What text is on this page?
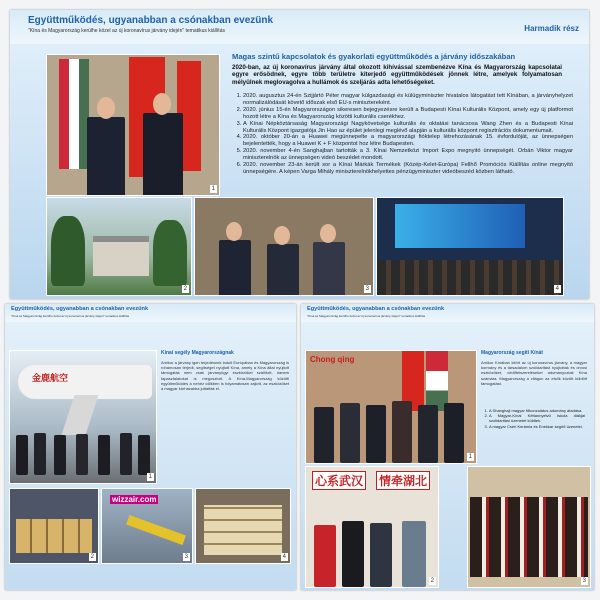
Együttműködés, ugyanabban a csónakban evezünk
"Kína és Magyarország kerülhe közel az új koronavírus járvány idején" tematikus kiállítás	Harmadik rész
1
Magas szintű kapcsolatok és gyakorlati együttműködés a járvány időszakában
2020-ban, az új koronavírus járvány által okozott kihívással szembenézve Kína és Magyarország kapcsolatai egyre erősödnek, egyre több területre kiterjedő együttműködések jönnek létre, amelyek folyamatosan mélyülnek meglovagolva a hullámok és szeljárás adta lehetőségeket.
1. 2020. augusztus 24-én Szijjártó Péter magyar külgazdasági és külügyminiszter hivatalos látogatást tett Kínában, a járványhelyzet normalizálódását követő időszak első EU-s minisztereként.
2. 2020. június 15-én Magyarországon sikeresen bejegyezésre került a Budapesti Kínai Kulturális Központ, amely egy új platformot hozott létre a Kína és Magyarország közötti kulturális cserékhez.
3. A Kínai Népköztársaság Magyarországi Nagykövetsége kulturális és oktatási tanácsosa Wang Zhen és a Budapesti Kínai Kulturális Központ igazgatója Jin Hao az épület jelenlegi meglévő alapján a kulturális központ regisztrációs dokumentumait.
4. 2020. október 20-án a Huawei megünnepelte a magyarországi fióktelep létrehozásának 15. évfordulóját, az ünnepségen bejelentették, hogy a Huawei K + F központot hoz létre Budapesten.
5. 2020. november 4-én Sanghajban tartották a 3. Kínai Nemzetközi Import Expo megnyitó ünnepségét. Orbán Viktor magyar miniszterelnök az ünnepségen videó beszédet mondott.
6. 2020. november 23-án került sor a Kínai Márkák Termékek (Közép-Kelet-Európa) Fellhő Promóciós Kiállítás online megnyitó ünnepségére. A képen Varga Mihály miniszterelnökhelyettes pénzügyminiszter videóbeszéd közben látható.
2	3	4
Együttműködés, ugyanabban a csónakban evezünk
"Kína és Magyarország kerülhe közel az új koronavírus járvány idején" tematikus kiállítás
金鹿航空
1
Kínai segély Magyarországnak
Amikor a járvány igen terjedésnek indult Európában és Magyarország is rohamosan terjedt, segítséget nyújtott Kína, amely a Kína által nyújtott támogatás nem csak járványügyi eszközöket szállított, hanem tapasztalatokat is megosztott. A Kína-Magyarország közötti együttműködés a nehéz időkben is folyamatosan zajlott, az eszközöket a magyar kórházakba juttatták el.
2
wizzair.com
3	4
Együttműködés, ugyanabban a csónakban evezünk
"Kína és Magyarország kerülhe közel az új koronavírus járvány idején" tematikus kiállítás
Chong qing
1
Magyarország segíti Kínát
Amikor Kínában kitört az új koronavírus járvány, a magyar kormány és a társadalom szolidaritást nyújtottak és orvosi eszközöket, védőfelszereléseket adományoztak Kína számára. Magyarország a világon az elsők között küldött támogatást.
1. A Shanghaji magyar főkonzulátus adomány átadása.
2. A Magyar-Kínai Kéttannyelvű Iskola diákjai szolidaritási üzenetet küldtek.
3. A magyar Cséri Kerámia és Enekkar segítő üzenetei.
心系武汉 情牵湖北
2	3
